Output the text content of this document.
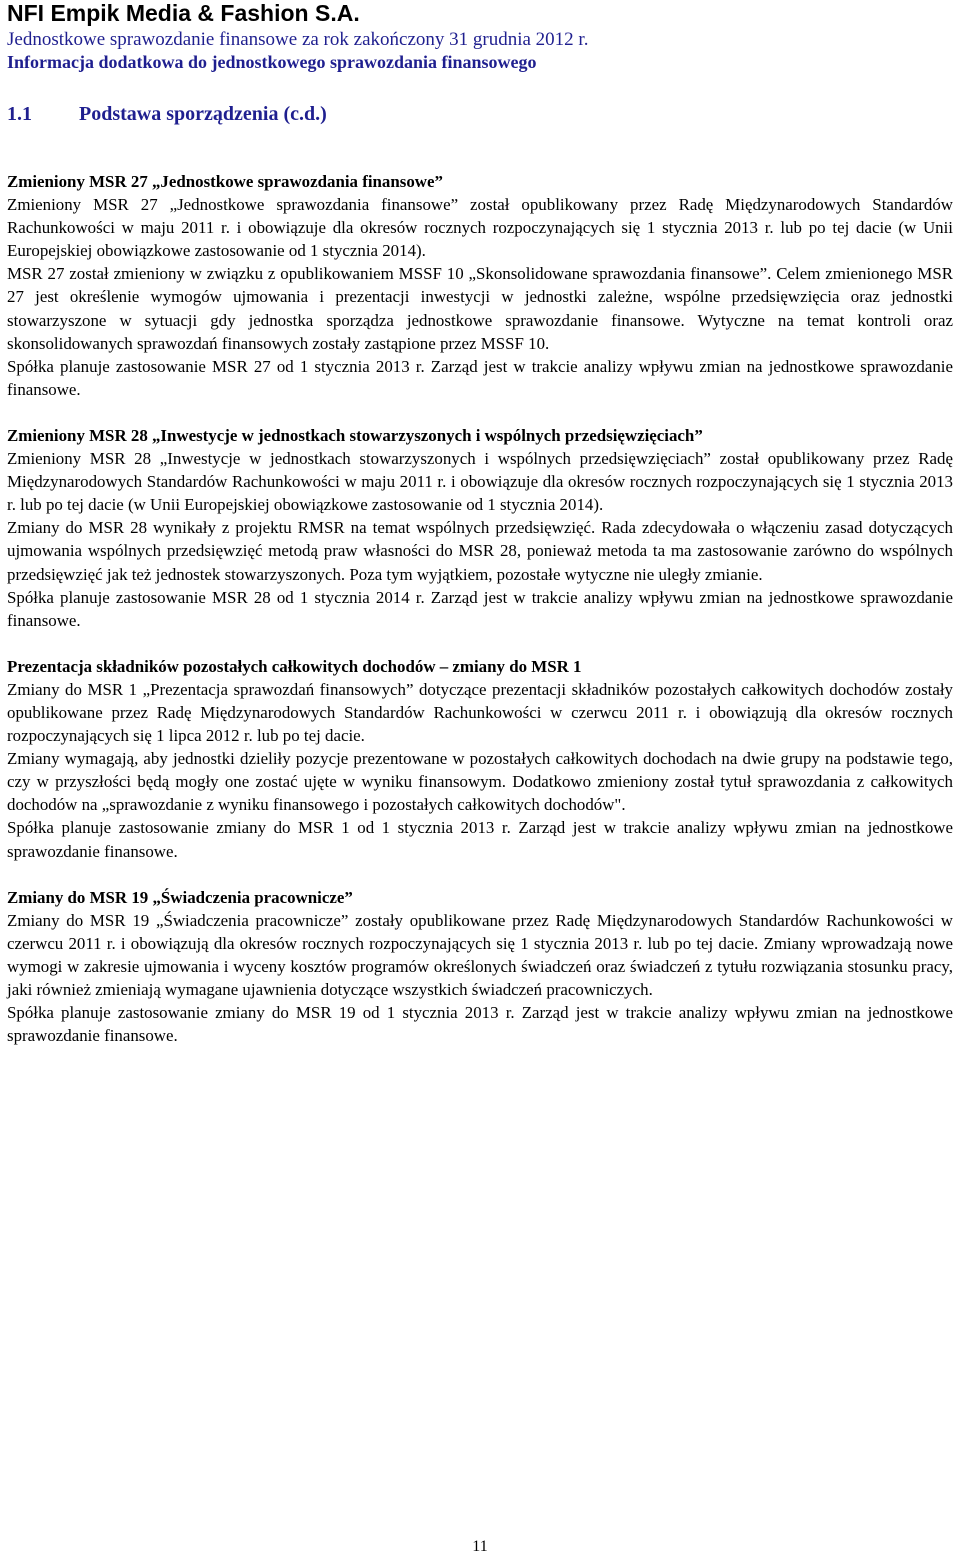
NFI Empik Media & Fashion S.A.
Jednostkowe sprawozdanie finansowe za rok zakończony 31 grudnia 2012 r.
Informacja dodatkowa do jednostkowego sprawozdania finansowego
1.1 Podstawa sporządzenia (c.d.)

Zmieniony MSR 27 „Jednostkowe sprawozdania finansowe”

Zmieniony MSR 27 „Jednostkowe sprawozdania finansowe” został opublikowany przez Radę Międzynarodowych Standardów Rachunkowości w maju 2011 r. i obowiązuje dla okresów rocznych rozpoczynających się 1 stycznia 2013 r. lub po tej dacie (w Unii Europejskiej obowiązkowe zastosowanie od 1 stycznia 2014).

MSR 27 został zmieniony w związku z opublikowaniem MSSF 10 „Skonsolidowane sprawozdania finansowe”. Celem zmienionego MSR 27 jest określenie wymogów ujmowania i prezentacji inwestycji w jednostki zależne, wspólne przedsięwzięcia oraz jednostki stowarzyszone w sytuacji gdy jednostka sporządza jednostkowe sprawozdanie finansowe. Wytyczne na temat kontroli oraz skonsolidowanych sprawozdań finansowych zostały zastąpione przez MSSF 10.

Spółka planuje zastosowanie MSR 27 od 1 stycznia 2013 r. Zarząd jest w trakcie analizy wpływu zmian na jednostkowe sprawozdanie finansowe.

Zmieniony MSR 28 „Inwestycje w jednostkach stowarzyszonych i wspólnych przedsięwzięciach”

Zmieniony MSR 28 „Inwestycje w jednostkach stowarzyszonych i wspólnych przedsięwzięciach” został opublikowany przez Radę Międzynarodowych Standardów Rachunkowości w maju 2011 r. i obowiązuje dla okresów rocznych rozpoczynających się 1 stycznia 2013 r. lub po tej dacie (w Unii Europejskiej obowiązkowe zastosowanie od 1 stycznia 2014).

Zmiany do MSR 28 wynikały z projektu RMSR na temat wspólnych przedsięwzięć. Rada zdecydowała o włączeniu zasad dotyczących ujmowania wspólnych przedsięwzięć metodą praw własności do MSR 28, ponieważ metoda ta ma zastosowanie zarówno do wspólnych przedsięwzięć jak też jednostek stowarzyszonych. Poza tym wyjątkiem, pozostałe wytyczne nie uległy zmianie.

Spółka planuje zastosowanie MSR 28 od 1 stycznia 2014 r. Zarząd jest w trakcie analizy wpływu zmian na jednostkowe sprawozdanie finansowe.

Prezentacja składników pozostałych całkowitych dochodów – zmiany do MSR 1

Zmiany do MSR 1 „Prezentacja sprawozdań finansowych” dotyczące prezentacji składników pozostałych całkowitych dochodów zostały opublikowane przez Radę Międzynarodowych Standardów Rachunkowości w czerwcu 2011 r. i obowiązują dla okresów rocznych rozpoczynających się 1 lipca 2012 r. lub po tej dacie.

Zmiany wymagają, aby jednostki dzieliły pozycje prezentowane w pozostałych całkowitych dochodach na dwie grupy na podstawie tego, czy w przyszłości będą mogły one zostać ujęte w wyniku finansowym. Dodatkowo zmieniony został tytuł sprawozdania z całkowitych dochodów na „sprawozdanie z wyniku finansowego i pozostałych całkowitych dochodów".

Spółka planuje zastosowanie zmiany do MSR 1 od 1 stycznia 2013 r. Zarząd jest w trakcie analizy wpływu zmian na jednostkowe sprawozdanie finansowe.

Zmiany do MSR 19 „Świadczenia pracownicze”

Zmiany do MSR 19 „Świadczenia pracownicze” zostały opublikowane przez Radę Międzynarodowych Standardów Rachunkowości w czerwcu 2011 r. i obowiązują dla okresów rocznych rozpoczynających się 1 stycznia 2013 r. lub po tej dacie. Zmiany wprowadzają nowe wymogi w zakresie ujmowania i wyceny kosztów programów określonych świadczeń oraz świadczeń z tytułu rozwiązania stosunku pracy, jaki również zmieniają wymagane ujawnienia dotyczące wszystkich świadczeń pracowniczych.

Spółka planuje zastosowanie zmiany do MSR 19 od 1 stycznia 2013 r. Zarząd jest w trakcie analizy wpływu zmian na jednostkowe sprawozdanie finansowe.

11
